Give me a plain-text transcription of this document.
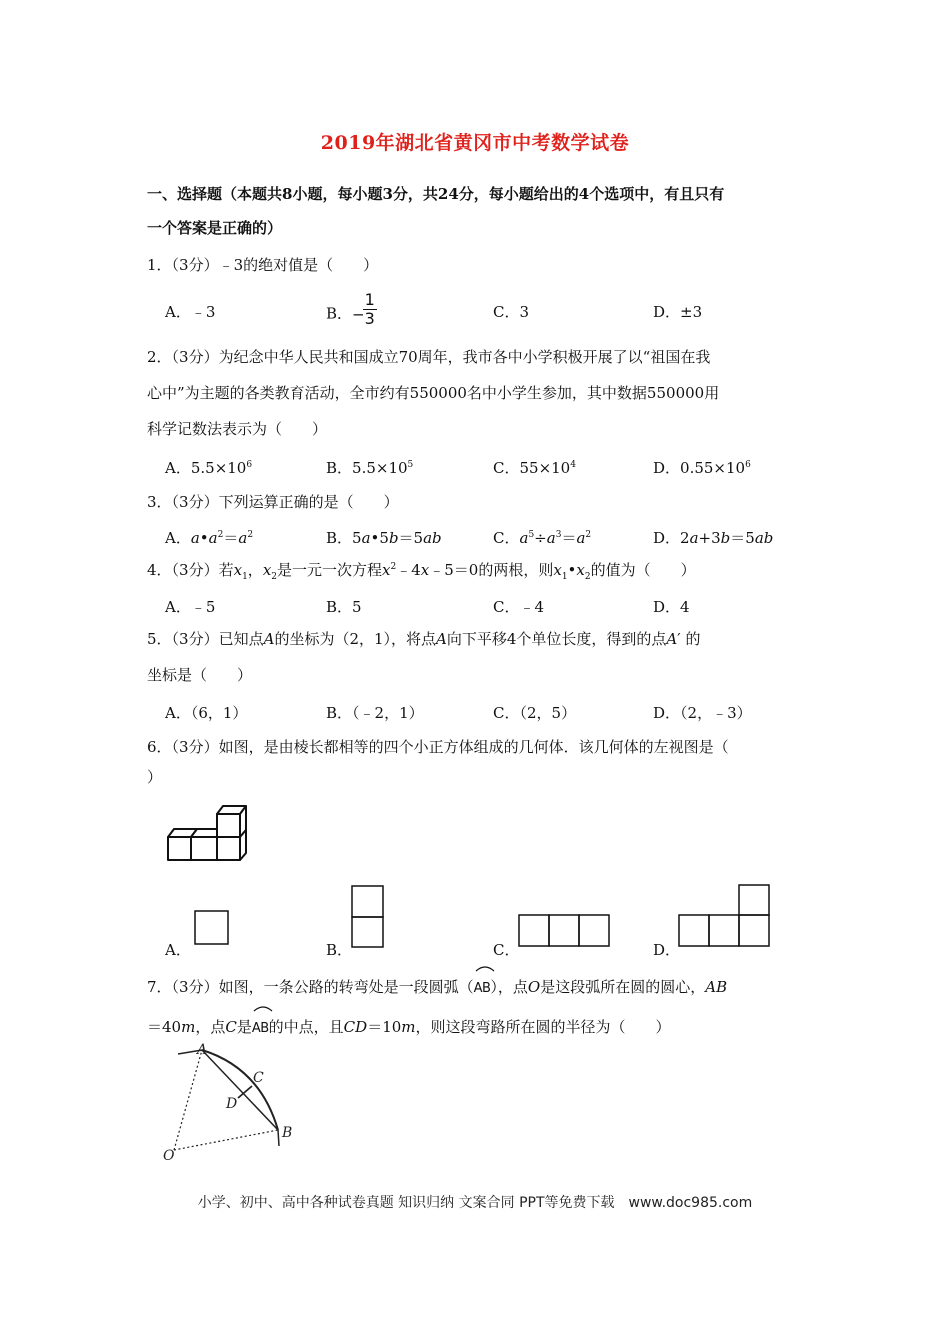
2019年湖北省黄冈市中考数学试卷
一、选择题（本题共8小题，每小题3分，共24分，每小题给出的4个选项中，有且只有
一个答案是正确的）
1．（3分）﹣3的绝对值是（　　）
A．﹣3	B．−
$\frac{1}{3}$	C．3	D．±3
2．（3分）为纪念中华人民共和国成立70周年，我市各中小学积极开展了以“祖国在我
心中”为主题的各类教育活动，全市约有550000名中小学生参加，其中数据550000用
科学记数法表示为（　　）
A．$5.5\times 10^6$	B．$5.5\times 10^5$	C．$55\times 10^4$	D．$0.55\times 10^6$
3．（3分）下列运算正确的是（　　）
A．$a•a^2=a^2$	B．5a•5b＝5ab	C．$a^5\div a^3=a^2$	D．2a+3b＝5ab
4．（3分）若$x_1$，$x_2$是一元一次方程$x^2﹣4x﹣5=0$的两根，则$x_1•x_2$的值为（　　）
A．﹣5	B．5	C．﹣4	D．4
5．（3分）已知点A的坐标为（2，1），将点A向下平移4个单位长度，得到的点A′ 的
坐标是（　　）
A．（6，1）	B．（﹣2，1）	C．（2，5）	D．（2，﹣3）
6．（3分）如图，是由棱长都相等的四个小正方体组成的几何体．该几何体的左视图是（
）
A．	B．	C．	D．
7．（3分）如图，一条公路的转弯处是一段圆弧（
AB），点O是这段弧所在圆的圆心，AB
＝40m，点C是
AB的中点，且CD＝10m，则这段弯路所在圆的半径为（　　）
A
C
D
B
O
小学、初中、高中各种试卷真题 知识归纳 文案合同 PPT等免费下载　www.doc985.com
